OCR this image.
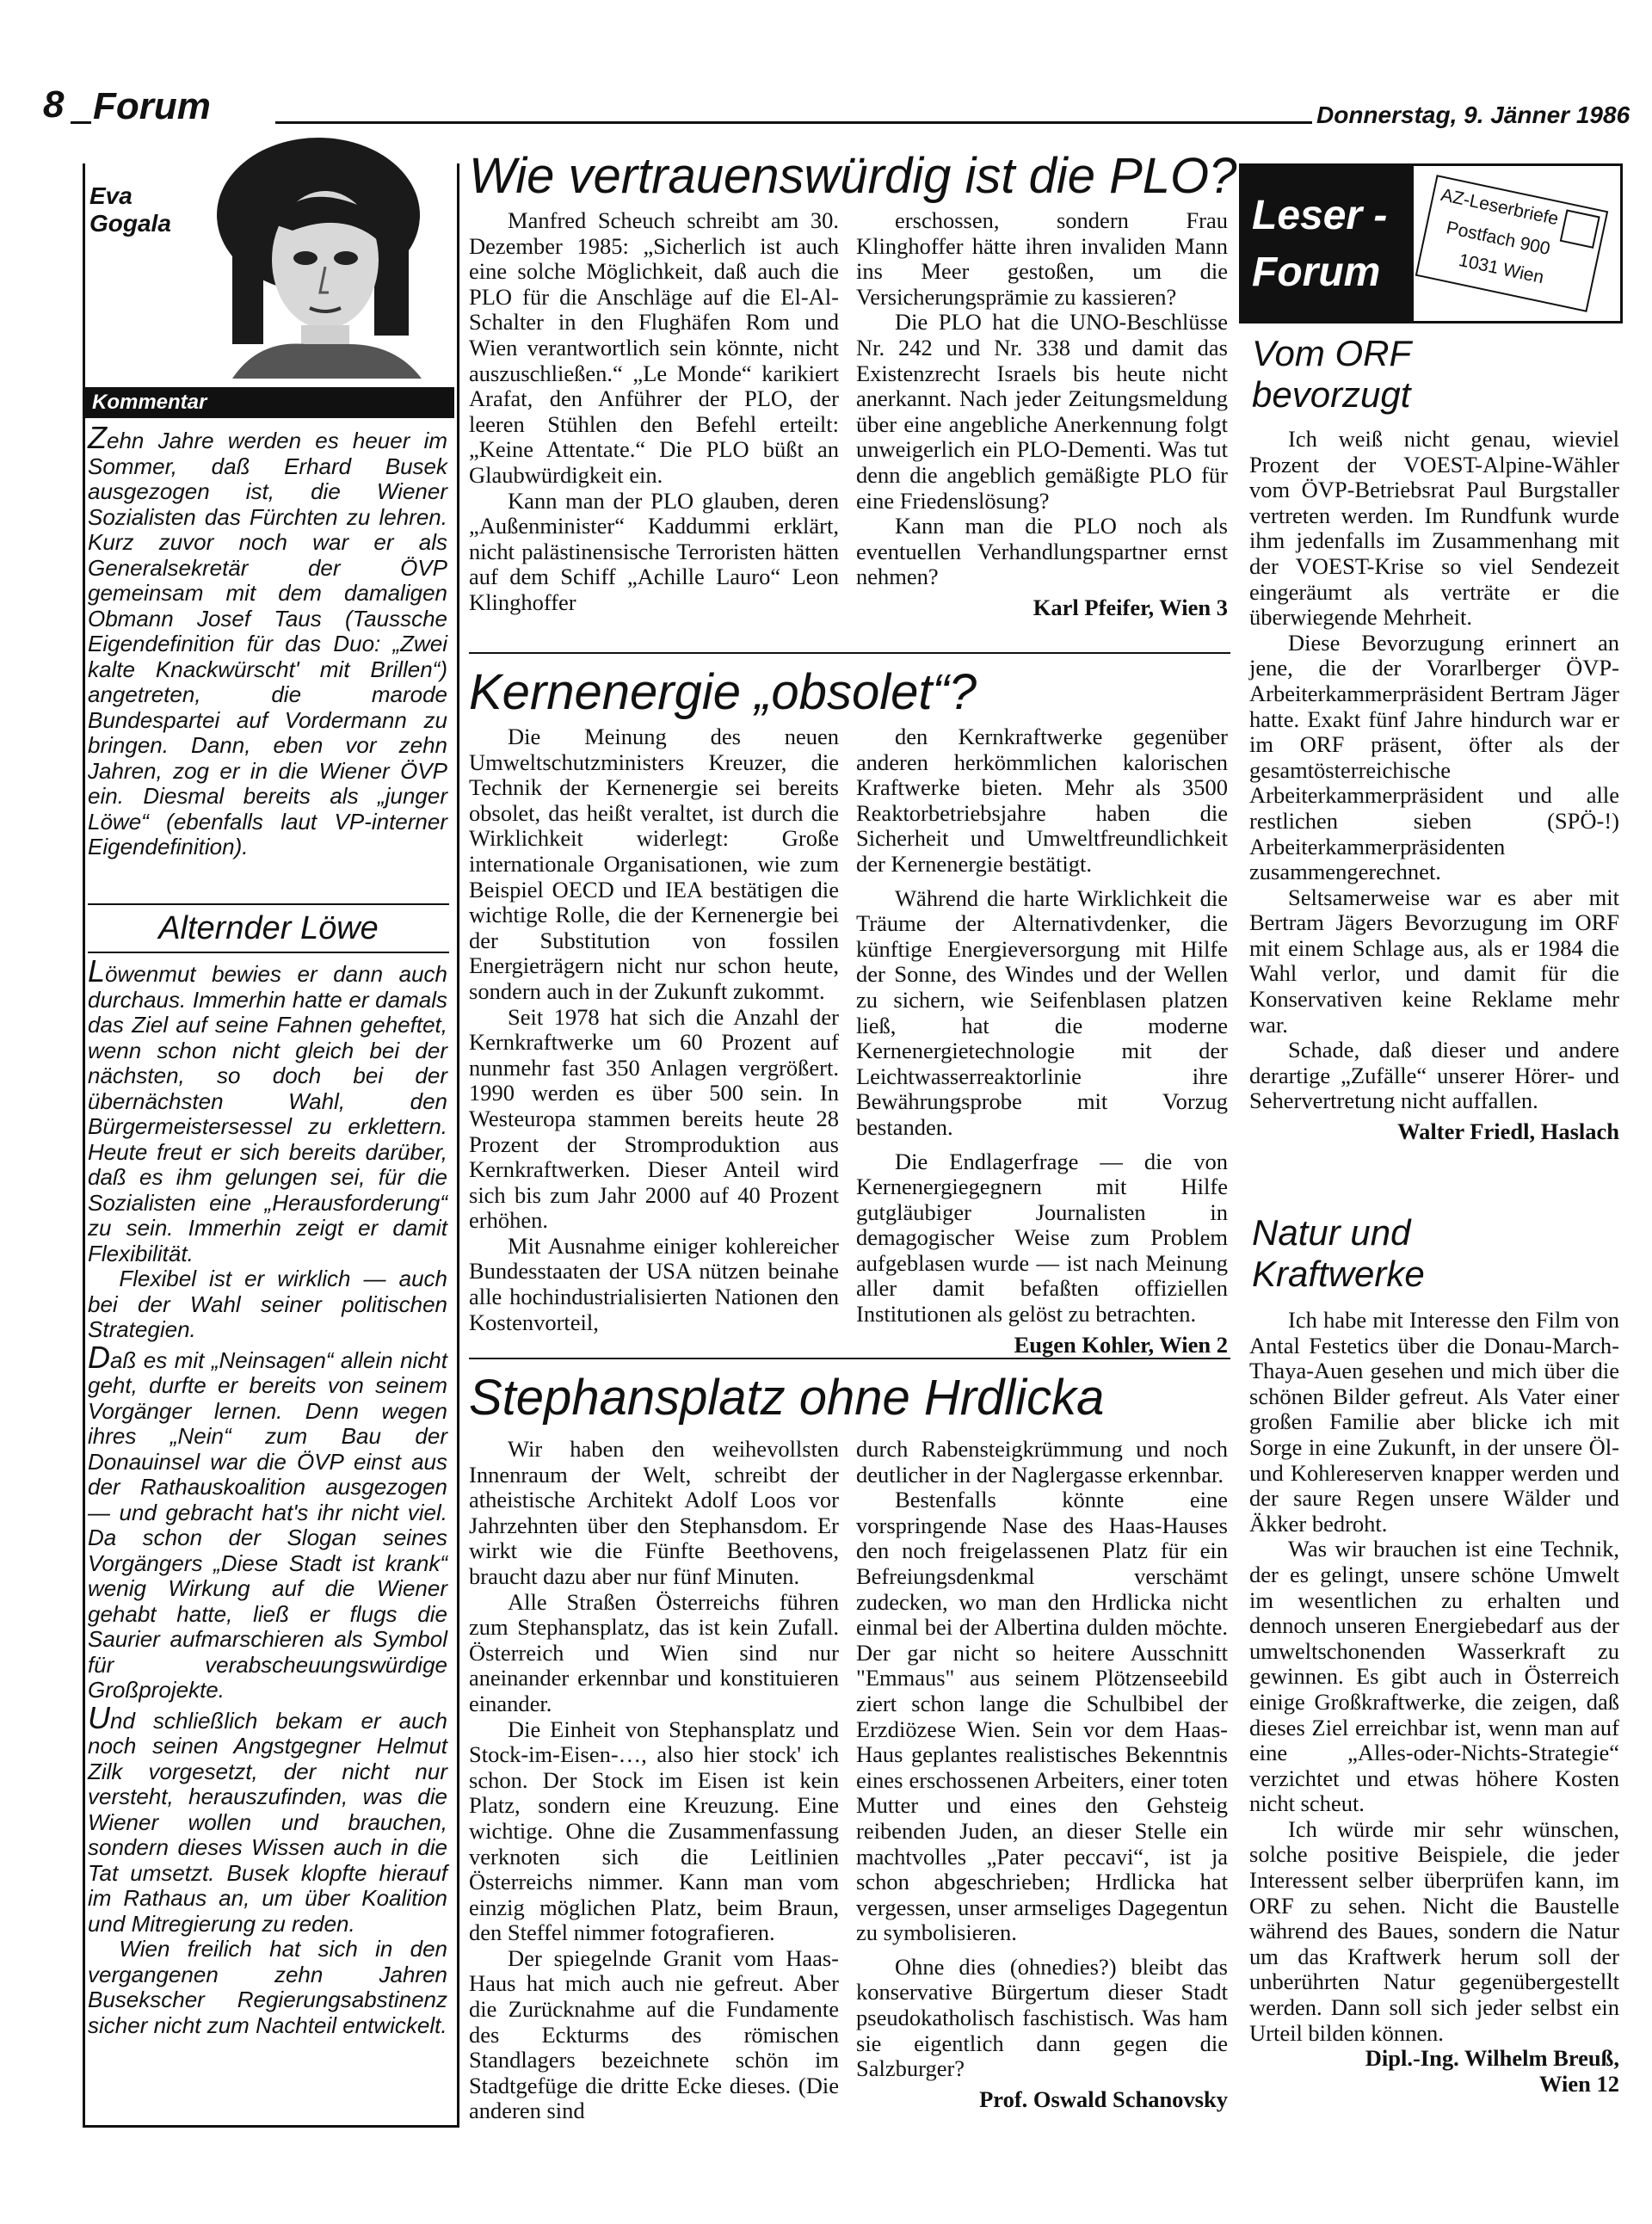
8 Forum	Donnerstag, 9. Jänner 1986
Eva
Gogala
Kommentar

Zehn Jahre werden es heuer im Sommer, daß Erhard Busek ausgezogen ist, die Wiener Sozialisten das Fürchten zu lehren. Kurz zuvor noch war er als Generalsekretär der ÖVP gemeinsam mit dem damaligen Obmann Josef Taus (Taussche Eigendefinition für das Duo: „Zwei kalte Knackwürscht' mit Brillen“) angetreten, die marode Bundespartei auf Vordermann zu bringen. Dann, eben vor zehn Jahren, zog er in die Wiener ÖVP ein. Diesmal bereits als „junger Löwe“ (ebenfalls laut VP-interner Eigendefinition).

Alternder Löwe

Löwenmut bewies er dann auch durchaus. Immerhin hatte er damals das Ziel auf seine Fahnen geheftet, wenn schon nicht gleich bei der nächsten, so doch bei der übernächsten Wahl, den Bürgermeistersessel zu erklettern. Heute freut er sich bereits darüber, daß es ihm gelungen sei, für die Sozialisten eine „Herausforderung“ zu sein. Immerhin zeigt er damit Flexibilität.

Flexibel ist er wirklich — auch bei der Wahl seiner politischen Strategien.

Daß es mit „Neinsagen“ allein nicht geht, durfte er bereits von seinem Vorgänger lernen. Denn wegen ihres „Nein“ zum Bau der Donauinsel war die ÖVP einst aus der Rathauskoalition ausgezogen — und gebracht hat's ihr nicht viel. Da schon der Slogan seines Vorgängers „Diese Stadt ist krank“ wenig Wirkung auf die Wiener gehabt hatte, ließ er flugs die Saurier aufmarschieren als Symbol für verabscheuungswürdige Großprojekte.

Und schließlich bekam er auch noch seinen Angstgegner Helmut Zilk vorgesetzt, der nicht nur versteht, herauszufinden, was die Wiener wollen und brauchen, sondern dieses Wissen auch in die Tat umsetzt. Busek klopfte hierauf im Rathaus an, um über Koalition und Mitregierung zu reden.

Wien freilich hat sich in den vergangenen zehn Jahren Busekscher Regierungsabstinenz sicher nicht zum Nachteil entwickelt.

Wie vertrauenswürdig ist die PLO?

Manfred Scheuch schreibt am 30. Dezember 1985: „Sicherlich ist auch eine solche Möglichkeit, daß auch die PLO für die Anschläge auf die El-Al-Schalter in den Flughäfen Rom und Wien verantwortlich sein könnte, nicht auszuschließen.“ „Le Monde“ karikiert Arafat, den Anführer der PLO, der leeren Stühlen den Befehl erteilt: „Keine Attentate.“ Die PLO büßt an Glaubwürdigkeit ein.

Kann man der PLO glauben, deren „Außenminister“ Kaddummi erklärt, nicht palästinensische Terroristen hätten auf dem Schiff „Achille Lauro“ Leon Klinghoffer

erschossen, sondern Frau Klinghoffer hätte ihren invaliden Mann ins Meer gestoßen, um die Versicherungsprämie zu kassieren?

Die PLO hat die UNO-Beschlüsse Nr. 242 und Nr. 338 und damit das Existenzrecht Israels bis heute nicht anerkannt. Nach jeder Zeitungsmeldung über eine angebliche Anerkennung folgt unweigerlich ein PLO-Dementi. Was tut denn die angeblich gemäßigte PLO für eine Friedenslösung?

Kann man die PLO noch als eventuellen Verhandlungspartner ernst nehmen?

Karl Pfeifer, Wien 3

Kernenergie „obsolet“?

Die Meinung des neuen Umweltschutzministers Kreuzer, die Technik der Kernenergie sei bereits obsolet, das heißt veraltet, ist durch die Wirklichkeit widerlegt: Große internationale Organisationen, wie zum Beispiel OECD und IEA bestätigen die wichtige Rolle, die der Kernenergie bei der Substitution von fossilen Energieträgern nicht nur schon heute, sondern auch in der Zukunft zukommt.

Seit 1978 hat sich die Anzahl der Kernkraftwerke um 60 Prozent auf nunmehr fast 350 Anlagen vergrößert. 1990 werden es über 500 sein. In Westeuropa stammen bereits heute 28 Prozent der Stromproduktion aus Kernkraftwerken. Dieser Anteil wird sich bis zum Jahr 2000 auf 40 Prozent erhöhen.

Mit Ausnahme einiger kohlereicher Bundesstaaten der USA nützen beinahe alle hochindustrialisierten Nationen den Kostenvorteil,

den Kernkraftwerke gegenüber anderen herkömmlichen kalorischen Kraftwerke bieten. Mehr als 3500 Reaktorbetriebsjahre haben die Sicherheit und Umweltfreundlichkeit der Kernenergie bestätigt.

Während die harte Wirklichkeit die Träume der Alternativdenker, die künftige Energieversorgung mit Hilfe der Sonne, des Windes und der Wellen zu sichern, wie Seifenblasen platzen ließ, hat die moderne Kernenergietechnologie mit der Leichtwasserreaktorlinie ihre Bewährungsprobe mit Vorzug bestanden.

Die Endlagerfrage — die von Kernenergiegegnern mit Hilfe gutgläubiger Journalisten in demagogischer Weise zum Problem aufgeblasen wurde — ist nach Meinung aller damit befaßten offiziellen Institutionen als gelöst zu betrachten.

Eugen Kohler, Wien 2

Stephansplatz ohne Hrdlicka

Wir haben den weihevollsten Innenraum der Welt, schreibt der atheistische Architekt Adolf Loos vor Jahrzehnten über den Stephansdom. Er wirkt wie die Fünfte Beethovens, braucht dazu aber nur fünf Minuten.

Alle Straßen Österreichs führen zum Stephansplatz, das ist kein Zufall. Österreich und Wien sind nur aneinander erkennbar und konstituieren einander.

Die Einheit von Stephansplatz und Stock-im-Eisen-…, also hier stock' ich schon. Der Stock im Eisen ist kein Platz, sondern eine Kreuzung. Eine wichtige. Ohne die Zusammenfassung verknoten sich die Leitlinien Österreichs nimmer. Kann man vom einzig möglichen Platz, beim Braun, den Steffel nimmer fotografieren.

Der spiegelnde Granit vom Haas-Haus hat mich auch nie gefreut. Aber die Zurücknahme auf die Fundamente des Eckturms des römischen Standlagers bezeichnete schön im Stadtgefüge die dritte Ecke dieses. (Die anderen sind

durch Rabensteigkrümmung und noch deutlicher in der Naglergasse erkennbar.

Bestenfalls könnte eine vorspringende Nase des Haas-Hauses den noch freigelassenen Platz für ein Befreiungsdenkmal verschämt zudecken, wo man den Hrdlicka nicht einmal bei der Albertina dulden möchte. Der gar nicht so heitere Ausschnitt "Emmaus" aus seinem Plötzenseebild ziert schon lange die Schulbibel der Erzdiözese Wien. Sein vor dem Haas-Haus geplantes realistisches Bekenntnis eines erschossenen Arbeiters, einer toten Mutter und eines den Gehsteig reibenden Juden, an dieser Stelle ein machtvolles „Pater peccavi“, ist ja schon abgeschrieben; Hrdlicka hat vergessen, unser armseliges Dagegentun zu symbolisieren.

Ohne dies (ohnedies?) bleibt das konservative Bürgertum dieser Stadt pseudokatholisch faschistisch. Was ham sie eigentlich dann gegen die Salzburger?

Prof. Oswald Schanovsky

Leser -
Forum
AZ-Leserbriefe
Postfach 900
1031 Wien
Vom ORF
bevorzugt

Ich weiß nicht genau, wieviel Prozent der VOEST-Alpine-Wähler vom ÖVP-Betriebsrat Paul Burgstaller vertreten werden. Im Rundfunk wurde ihm jedenfalls im Zusammenhang mit der VOEST-Krise so viel Sendezeit eingeräumt als verträte er die überwiegende Mehrheit.

Diese Bevorzugung erinnert an jene, die der Vorarlberger ÖVP-Arbeiterkammerpräsident Bertram Jäger hatte. Exakt fünf Jahre hindurch war er im ORF präsent, öfter als der gesamtösterreichische Arbeiterkammerpräsident und alle restlichen sieben (SPÖ-!) Arbeiterkammerpräsidenten zusammengerechnet.

Seltsamerweise war es aber mit Bertram Jägers Bevorzugung im ORF mit einem Schlage aus, als er 1984 die Wahl verlor, und damit für die Konservativen keine Reklame mehr war.

Schade, daß dieser und andere derartige „Zufälle“ unserer Hörer- und Sehervertretung nicht auffallen.

Walter Friedl, Haslach

Natur und
Kraftwerke

Ich habe mit Interesse den Film von Antal Festetics über die Donau-March-Thaya-Auen gesehen und mich über die schönen Bilder gefreut. Als Vater einer großen Familie aber blicke ich mit Sorge in eine Zukunft, in der unsere Öl- und Kohlereserven knapper werden und der saure Regen unsere Wälder und Äkker bedroht.

Was wir brauchen ist eine Technik, der es gelingt, unsere schöne Umwelt im wesentlichen zu erhalten und dennoch unseren Energiebedarf aus der umweltschonenden Wasserkraft zu gewinnen. Es gibt auch in Österreich einige Großkraftwerke, die zeigen, daß dieses Ziel erreichbar ist, wenn man auf eine „Alles-oder-Nichts-Strategie“ verzichtet und etwas höhere Kosten nicht scheut.

Ich würde mir sehr wünschen, solche positive Beispiele, die jeder Interessent selber überprüfen kann, im ORF zu sehen. Nicht die Baustelle während des Baues, sondern die Natur um das Kraftwerk herum soll der unberührten Natur gegenübergestellt werden. Dann soll sich jeder selbst ein Urteil bilden können.

Dipl.-Ing. Wilhelm Breuß,

Wien 12
